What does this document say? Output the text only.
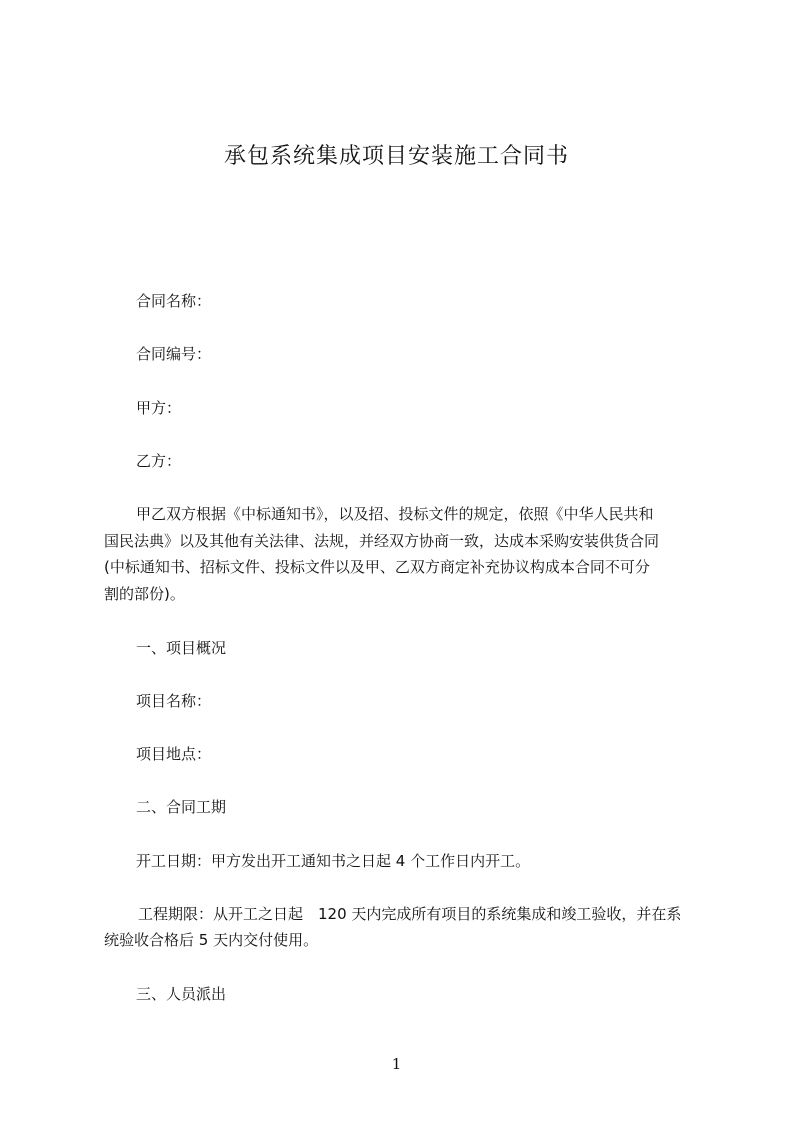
承包系统集成项目安装施工合同书
合同名称：
合同编号：
甲方：
乙方：
甲乙双方根据《中标通知书》，以及招、投标文件的规定，依照《中华人民共和
国民法典》以及其他有关法律、法规，并经双方协商一致，达成本采购安装供货合同
(中标通知书、招标文件、投标文件以及甲、乙双方商定补充协议构成本合同不可分
割的部份)。
一、项目概况
项目名称：
项目地点：
二、合同工期
开工日期：甲方发出开工通知书之日起 4 个工作日内开工。
工程期限：从开工之日起　120 天内完成所有项目的系统集成和竣工验收，并在系
统验收合格后 5 天内交付使用。
三、人员派出
1
